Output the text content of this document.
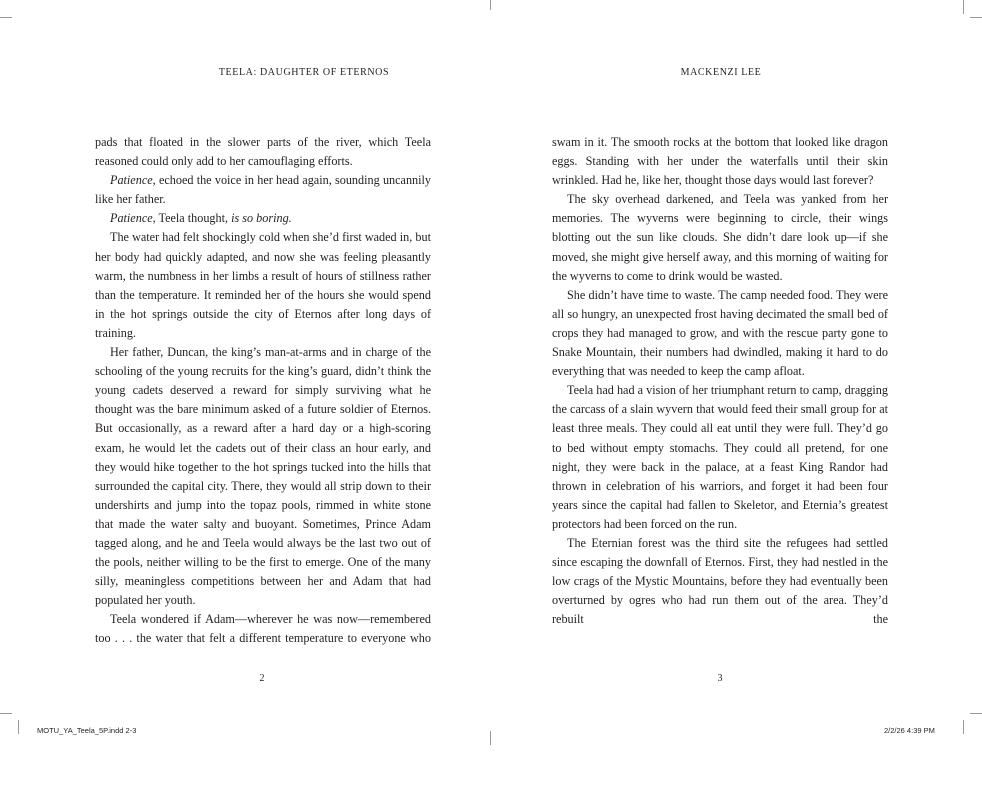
TEELA: DAUGHTER OF ETERNOS

pads that floated in the slower parts of the river, which Teela reasoned could only add to her camouflaging efforts.

Patience, echoed the voice in her head again, sounding uncannily like her father.

Patience, Teela thought, is so boring.

The water had felt shockingly cold when she’d first waded in, but her body had quickly adapted, and now she was feeling pleasantly warm, the numbness in her limbs a result of hours of stillness rather than the temperature. It reminded her of the hours she would spend in the hot springs outside the city of Eternos after long days of training.

Her father, Duncan, the king’s man-at-arms and in charge of the schooling of the young recruits for the king’s guard, didn’t think the young cadets deserved a reward for simply surviving what he thought was the bare minimum asked of a future soldier of Eternos. But occasionally, as a reward after a hard day or a high-scoring exam, he would let the cadets out of their class an hour early, and they would hike together to the hot springs tucked into the hills that surrounded the capital city. There, they would all strip down to their undershirts and jump into the topaz pools, rimmed in white stone that made the water salty and buoyant. Sometimes, Prince Adam tagged along, and he and Teela would always be the last two out of the pools, neither willing to be the first to emerge. One of the many silly, meaningless competitions between her and Adam that had populated her youth.

Teela wondered if Adam—wherever he was now—remembered too . . . the water that felt a different temperature to everyone who

2
MACKENZI LEE

swam in it. The smooth rocks at the bottom that looked like dragon eggs. Standing with her under the waterfalls until their skin wrinkled. Had he, like her, thought those days would last forever?

The sky overhead darkened, and Teela was yanked from her memories. The wyverns were beginning to circle, their wings blotting out the sun like clouds. She didn’t dare look up—if she moved, she might give herself away, and this morning of waiting for the wyverns to come to drink would be wasted.

She didn’t have time to waste. The camp needed food. They were all so hungry, an unexpected frost having decimated the small bed of crops they had managed to grow, and with the rescue party gone to Snake Mountain, their numbers had dwindled, making it hard to do everything that was needed to keep the camp afloat.

Teela had had a vision of her triumphant return to camp, dragging the carcass of a slain wyvern that would feed their small group for at least three meals. They could all eat until they were full. They’d go to bed without empty stomachs. They could all pretend, for one night, they were back in the palace, at a feast King Randor had thrown in celebration of his warriors, and forget it had been four years since the capital had fallen to Skeletor, and Eternia’s greatest protectors had been forced on the run.

The Eternian forest was the third site the refugees had settled since escaping the downfall of Eternos. First, they had nestled in the low crags of the Mystic Mountains, before they had eventually been overturned by ogres who had run them out of the area. They’d rebuilt the

3
MOTU_YA_Teela_5P.indd 2-3	2/2/26 4:39 PM
